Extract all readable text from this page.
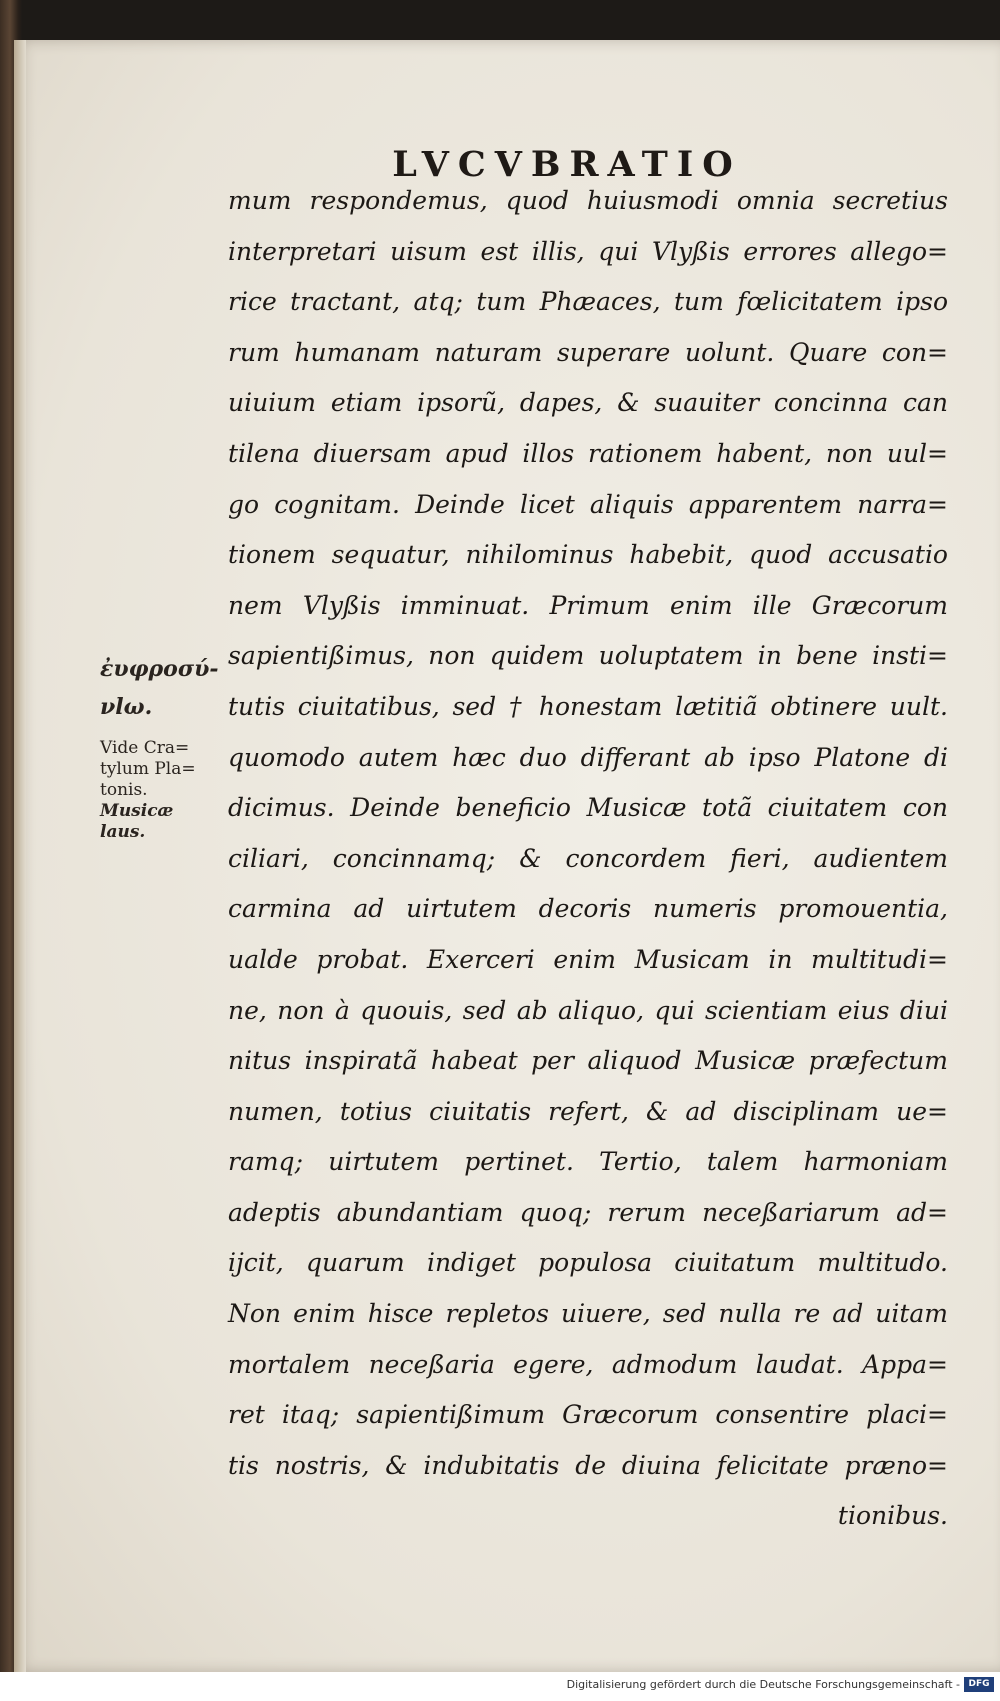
LVCVBRATIO
ἐυφροσύ-
νlω.
Vide Cra=
tylum Pla=
tonis.
Musicæ
laus.
mum respondemus, quod huiusmodi omnia secretius
interpretari uisum est illis, qui Vlyßis errores allego=
rice tractant, atq; tum Phæaces, tum fœlicitatem ipso
rum humanam naturam superare uolunt. Quare con=
uiuium etiam ipsorũ, dapes, & suauiter concinna can
tilena diuersam apud illos rationem habent, non uul=
go cognitam. Deinde licet aliquis apparentem narra=
tionem sequatur, nihilominus habebit, quod accusatio
nem Vlyßis imminuat. Primum enim ille Græcorum
sapientißimus, non quidem uoluptatem in bene insti=
tutis ciuitatibus, sed † honestam lætitiã obtinere uult.
quomodo autem hæc duo differant ab ipso Platone di
dicimus. Deinde beneficio Musicæ totã ciuitatem con
ciliari, concinnamq; & concordem fieri, audientem
carmina ad uirtutem decoris numeris promouentia,
ualde probat. Exerceri enim Musicam in multitudi=
ne, non à quouis, sed ab aliquo, qui scientiam eius diui
nitus inspiratã habeat per aliquod Musicæ præfectum
numen, totius ciuitatis refert, & ad disciplinam ue=
ramq; uirtutem pertinet. Tertio, talem harmoniam
adeptis abundantiam quoq; rerum neceßariarum ad=
ijcit, quarum indiget populosa ciuitatum multitudo.
Non enim hisce repletos uiuere, sed nulla re ad uitam
mortalem neceßaria egere, admodum laudat. Appa=
ret itaq; sapientißimum Græcorum consentire placi=
tis nostris, & indubitatis de diuina felicitate præno=
tionibus.
Digitalisierung gefördert durch die Deutsche Forschungsgemeinschaft - DFG
